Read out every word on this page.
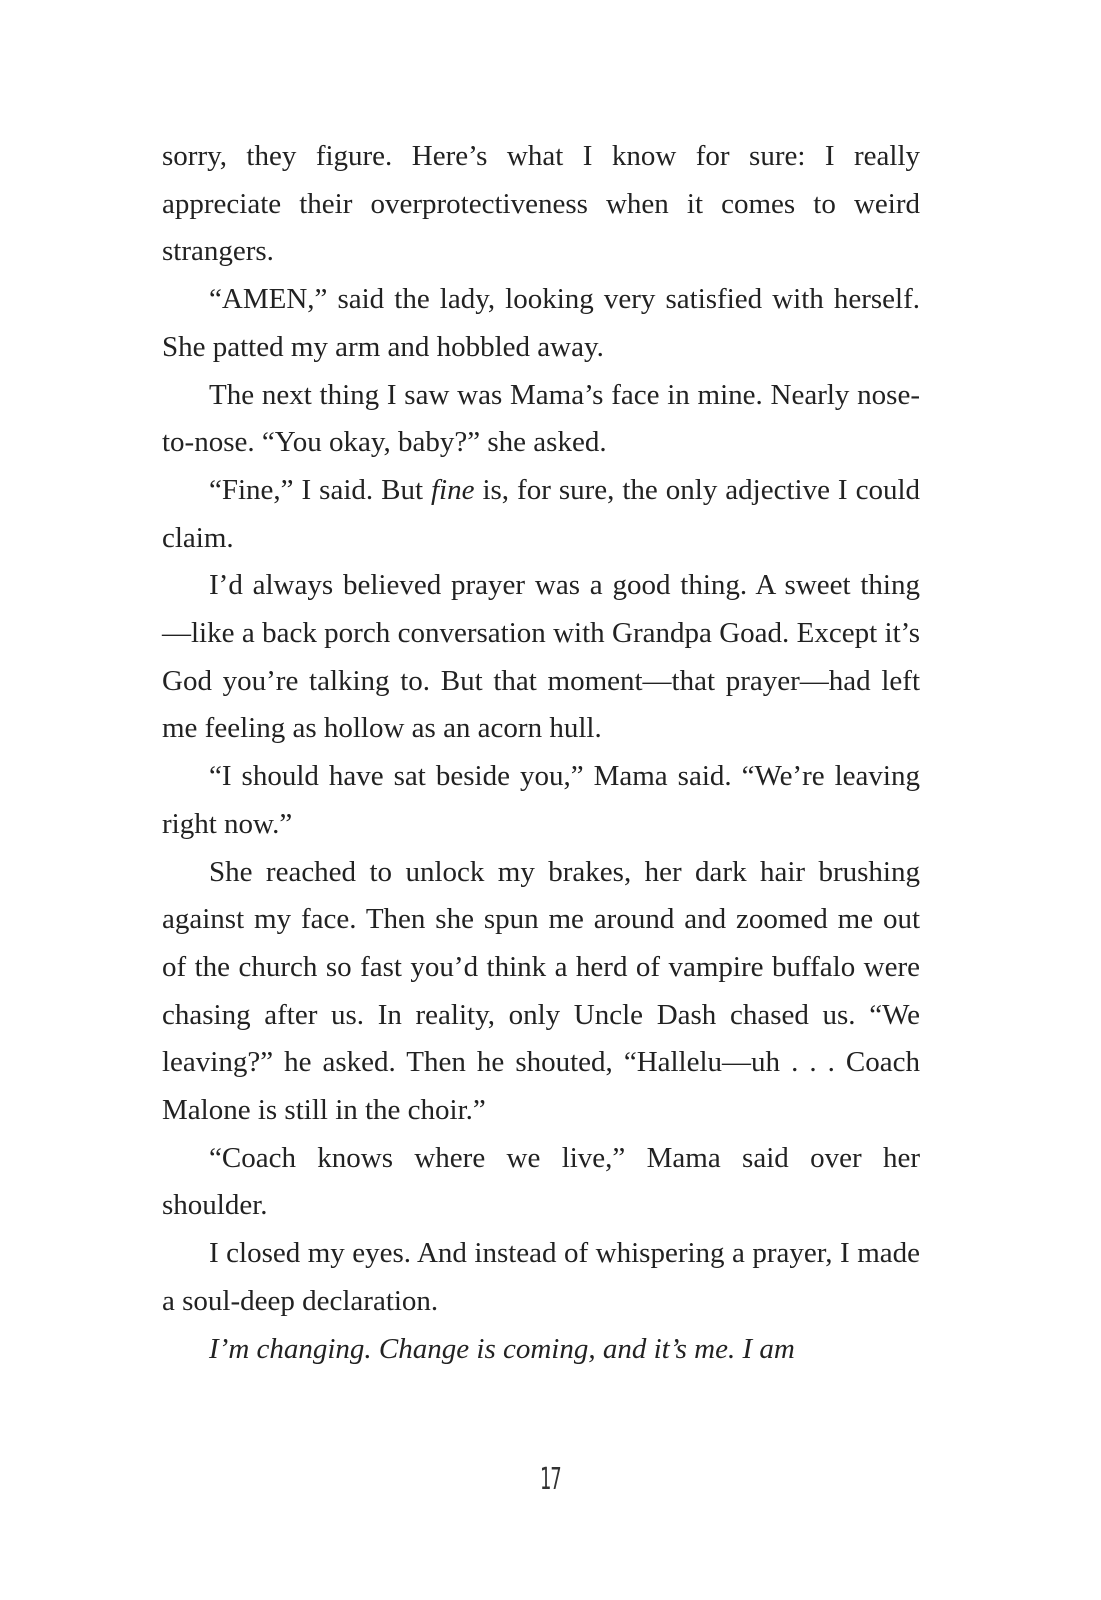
sorry, they figure. Here’s what I know for sure: I really appreciate their overprotectiveness when it comes to weird strangers.

“AMEN,” said the lady, looking very satisfied with herself. She patted my arm and hobbled away.

The next thing I saw was Mama’s face in mine. Nearly nose-to-nose. “You okay, baby?” she asked.

“Fine,” I said. But fine is, for sure, the only adjective I could claim.

I’d always believed prayer was a good thing. A sweet thing—like a back porch conversation with Grandpa Goad. Except it’s God you’re talking to. But that moment—that prayer—had left me feeling as hollow as an acorn hull.

“I should have sat beside you,” Mama said. “We’re leaving right now.”

She reached to unlock my brakes, her dark hair brushing against my face. Then she spun me around and zoomed me out of the church so fast you’d think a herd of vampire buffalo were chasing after us. In reality, only Uncle Dash chased us. “We leaving?” he asked. Then he shouted, “Hallelu—uh . . . Coach Malone is still in the choir.”

“Coach knows where we live,” Mama said over her shoulder.

I closed my eyes. And instead of whispering a prayer, I made a soul-deep declaration.

I’m changing. Change is coming, and it’s me. I am

17
